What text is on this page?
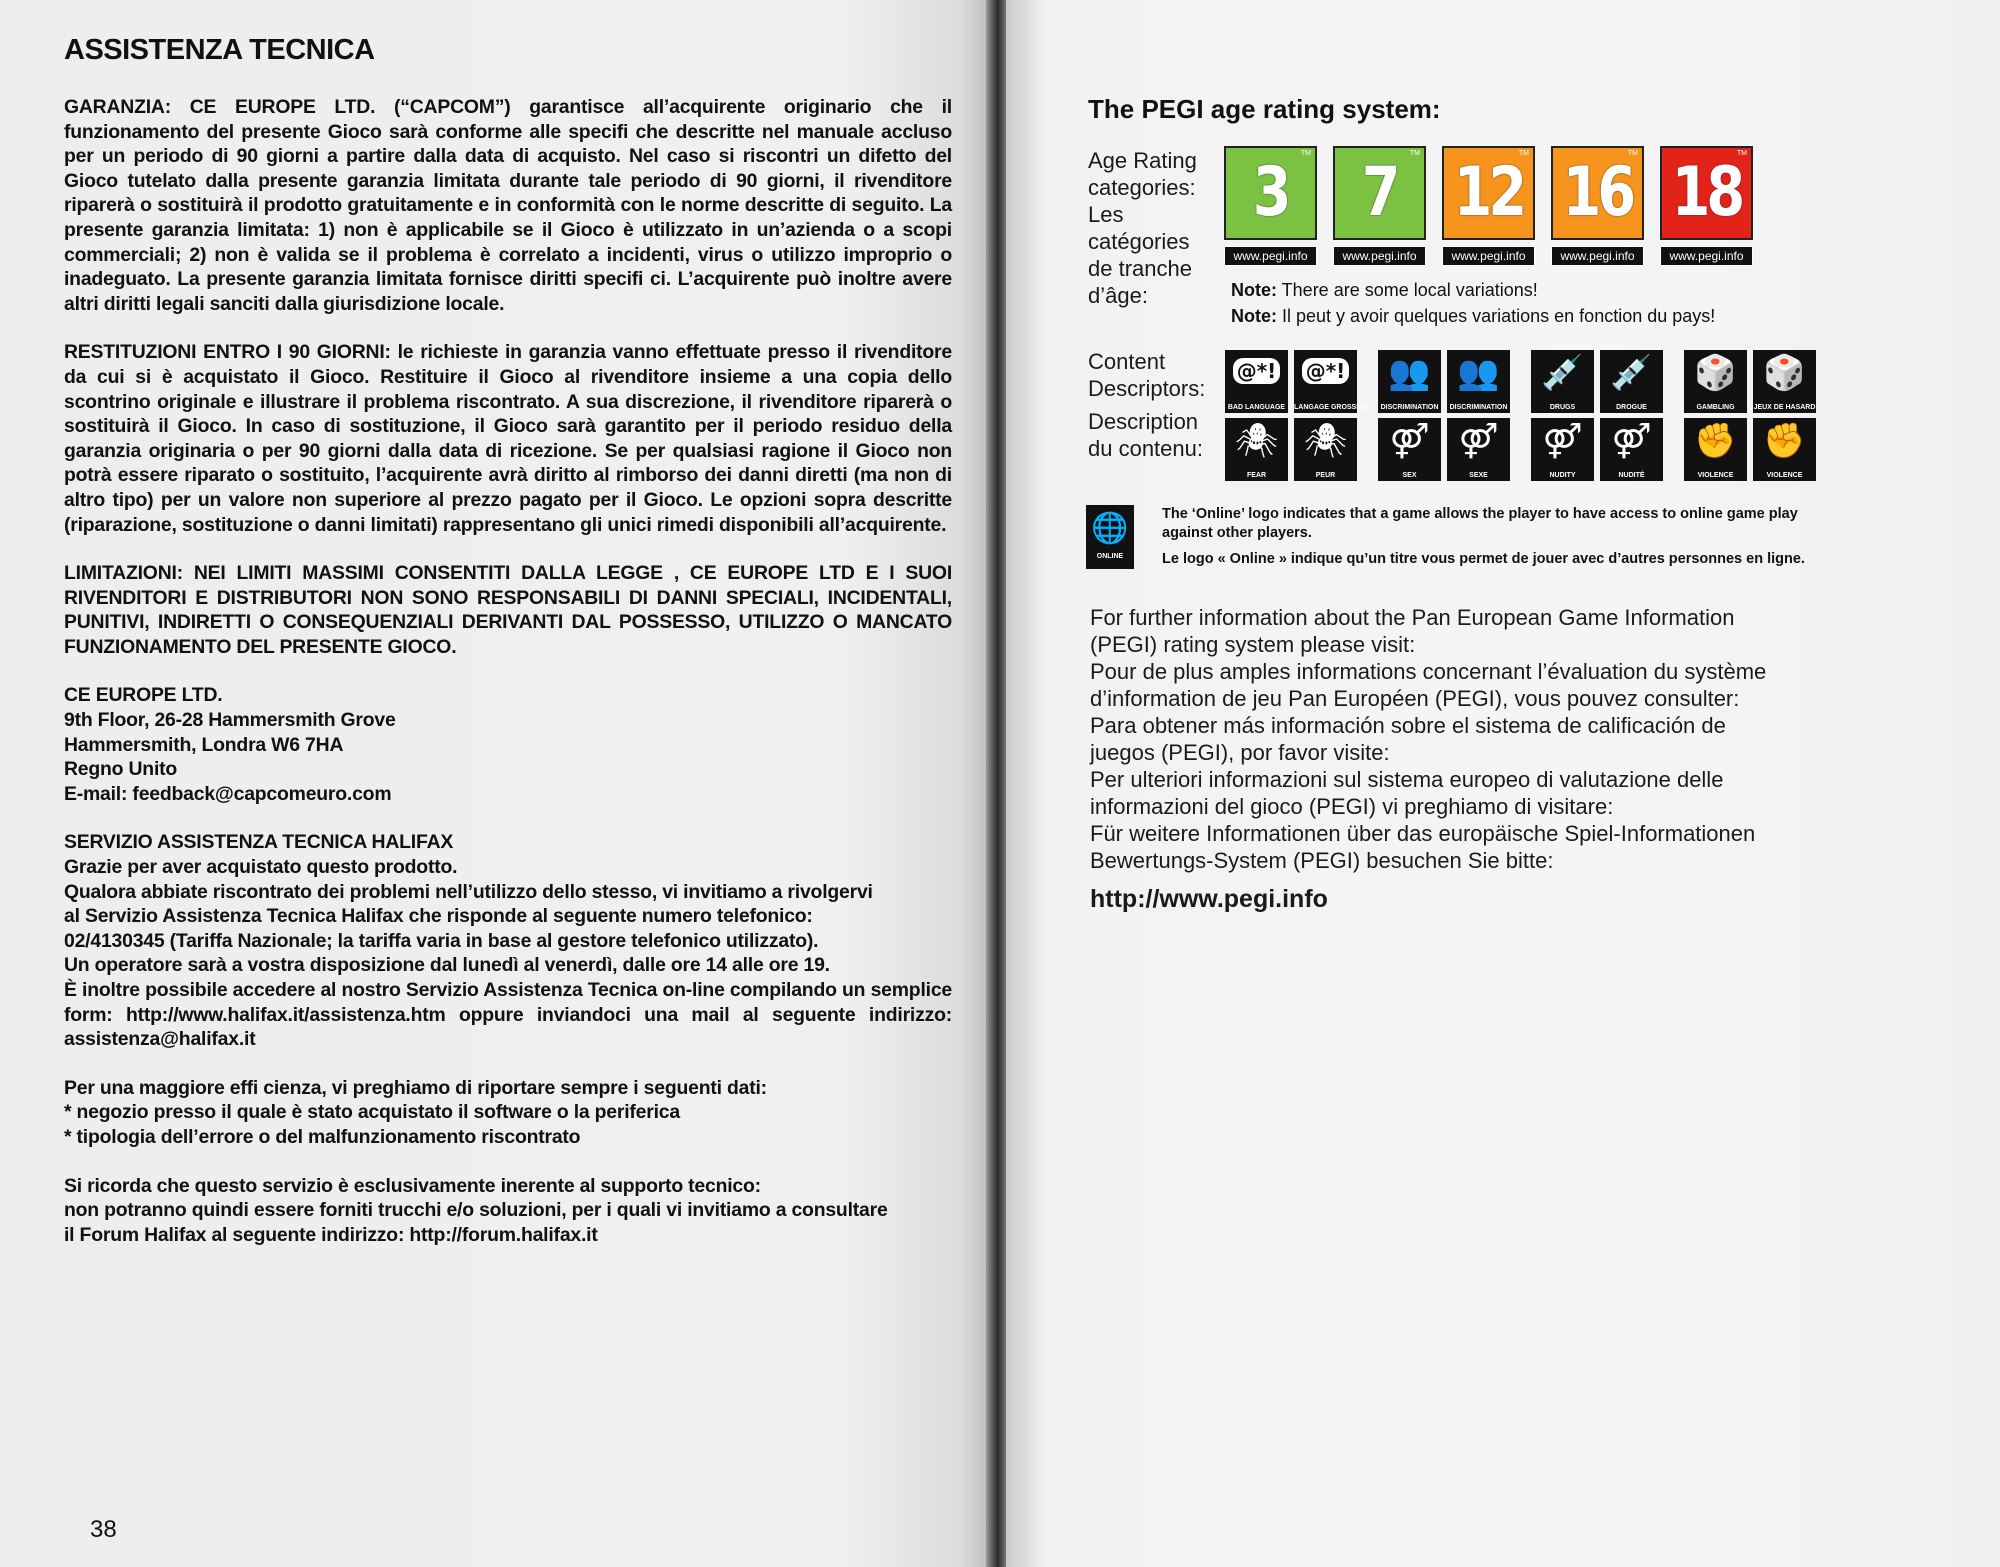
ASSISTENZA TECNICA

GARANZIA: CE EUROPE LTD. (“CAPCOM”) garantisce all’acquirente originario che il funzionamento del presente Gioco sarà conforme alle specifi che descritte nel manuale accluso per un periodo di 90 giorni a partire dalla data di acquisto. Nel caso si riscontri un difetto del Gioco tutelato dalla presente garanzia limitata durante tale periodo di 90 giorni, il rivenditore riparerà o sostituirà il prodotto gratuitamente e in conformità con le norme descritte di seguito. La presente garanzia limitata: 1) non è applicabile se il Gioco è utilizzato in un’azienda o a scopi commerciali; 2) non è valida se il problema è correlato a incidenti, virus o utilizzo improprio o inadeguato. La presente garanzia limitata fornisce diritti specifi ci. L’acquirente può inoltre avere altri diritti legali sanciti dalla giurisdizione locale.

RESTITUZIONI ENTRO I 90 GIORNI: le richieste in garanzia vanno effettuate presso il rivenditore da cui si è acquistato il Gioco. Restituire il Gioco al rivenditore insieme a una copia dello scontrino originale e illustrare il problema riscontrato. A sua discrezione, il rivenditore riparerà o sostituirà il Gioco. In caso di sostituzione, il Gioco sarà garantito per il periodo residuo della garanzia originaria o per 90 giorni dalla data di ricezione. Se per qualsiasi ragione il Gioco non potrà essere riparato o sostituito, l’acquirente avrà diritto al rimborso dei danni diretti (ma non di altro tipo) per un valore non superiore al prezzo pagato per il Gioco. Le opzioni sopra descritte (riparazione, sostituzione o danni limitati) rappresentano gli unici rimedi disponibili all’acquirente.

LIMITAZIONI: NEI LIMITI MASSIMI CONSENTITI DALLA LEGGE , CE EUROPE LTD E I SUOI RIVENDITORI E DISTRIBUTORI NON SONO RESPONSABILI DI DANNI SPECIALI, INCIDENTALI, PUNITIVI, INDIRETTI O CONSEQUENZIALI DERIVANTI DAL POSSESSO, UTILIZZO O MANCATO FUNZIONAMENTO DEL PRESENTE GIOCO.

CE EUROPE LTD.
9th Floor, 26-28 Hammersmith Grove
Hammersmith, Londra W6 7HA
Regno Unito
E-mail: feedback@capcomeuro.com
SERVIZIO ASSISTENZA TECNICA HALIFAX
Grazie per aver acquistato questo prodotto.
Qualora abbiate riscontrato dei problemi nell’utilizzo dello stesso, vi invitiamo a rivolgervi
al Servizio Assistenza Tecnica Halifax che risponde al seguente numero telefonico:
02/4130345 (Tariffa Nazionale; la tariffa varia in base al gestore telefonico utilizzato).
Un operatore sarà a vostra disposizione dal lunedì al venerdì, dalle ore 14 alle ore 19.

È inoltre possibile accedere al nostro Servizio Assistenza Tecnica on-line compilando un semplice form: http://www.halifax.it/assistenza.htm oppure inviandoci una mail al seguente indirizzo: assistenza@halifax.it

Per una maggiore effi cienza, vi preghiamo di riportare sempre i seguenti dati:
* negozio presso il quale è stato acquistato il software o la periferica
* tipologia dell’errore o del malfunzionamento riscontrato
Si ricorda che questo servizio è esclusivamente inerente al supporto tecnico:
non potranno quindi essere forniti trucchi e/o soluzioni, per i quali vi invitiamo a consultare
il Forum Halifax al seguente indirizzo: http://forum.halifax.it
38
The PEGI age rating system:
Age Rating
categories:
Les
catégories
de tranche
d’âge:
3 TM
www.pegi.info
7 TM
www.pegi.info
12
TM
www.pegi.info
16
TM
www.pegi.info
18
TM
www.pegi.info
Note: There are some local variations!
Note: Il peut y avoir quelques variations en fonction du pays!
Content
Descriptors:
Description
du contenu:
@*!
BAD LANGUAGE
@*!
LANGAGE GROSSIER
👥
DISCRIMINATION
👥
DISCRIMINATION
💉
DRUGS
💉
DROGUE
🎲
GAMBLING
🎲
JEUX DE HASARD
🕷
FEAR
🕷
PEUR
⚤
SEX
⚤
SEXE
⚤
NUDITY
⚤
NUDITÉ
✊
VIOLENCE
✊
VIOLENCE
🌐
ONLINE
The ‘Online’ logo indicates that a game allows the player to have access to online game play
against other players.
Le logo « Online » indique qu’un titre vous permet de jouer avec d’autres personnes en ligne.
For further information about the Pan European Game Information
(PEGI) rating system please visit:
Pour de plus amples informations concernant l’évaluation du système
d’information de jeu Pan Européen (PEGI), vous pouvez consulter:
Para obtener más información sobre el sistema de calificación de
juegos (PEGI), por favor visite:
Per ulteriori informazioni sul sistema europeo di valutazione delle
informazioni del gioco (PEGI) vi preghiamo di visitare:
Für weitere Informationen über das europäische Spiel-Informationen
Bewertungs-System (PEGI) besuchen Sie bitte:
http://www.pegi.info
